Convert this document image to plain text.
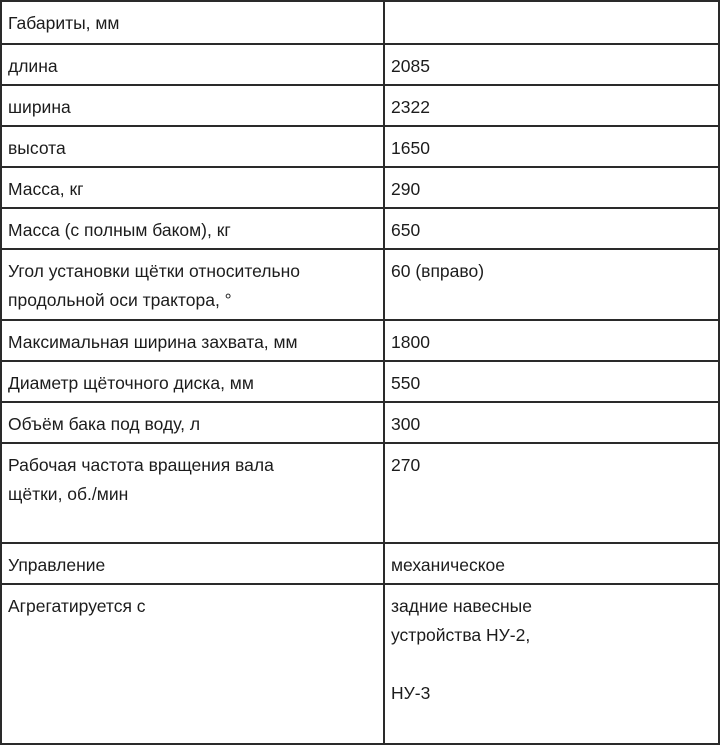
Габариты, мм	

длина	2085

ширина	2322

высота	1650

Масса, кг	290

Масса (с полным баком), кг	650

Угол установки щётки относительно
продольной оси трактора, °	60 (вправо)

Максимальная ширина захвата, мм	1800

Диаметр щёточного диска, мм	550

Объём бака под воду, л	300

Рабочая частота вращения вала
щётки, об./мин	270

Управление	механическое

Агрегатируется с	задние навесные
устройства НУ-2,

НУ-3
